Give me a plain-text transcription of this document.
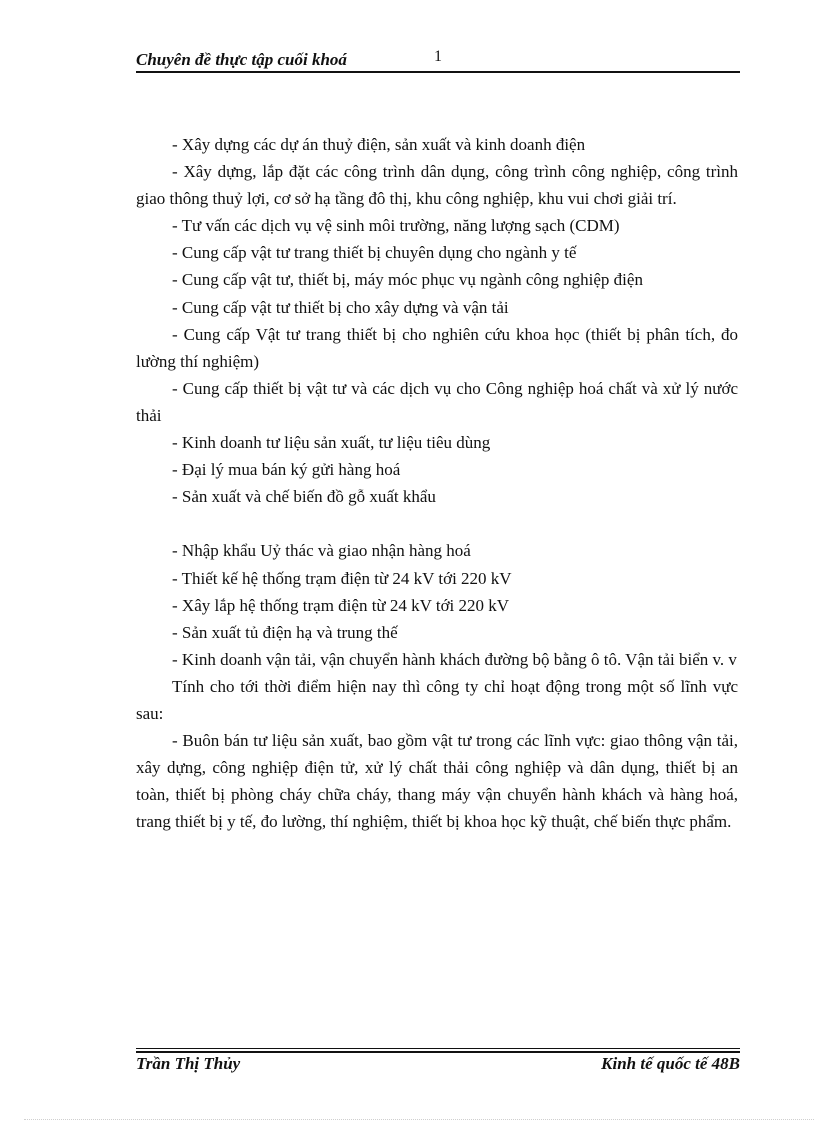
Chuyên đề thực tập cuối khoá	1

- Xây dựng các dự án thuỷ điện, sản xuất và kinh doanh điện

- Xây dựng, lắp đặt các công trình dân dụng, công trình công nghiệp, công trình giao thông thuỷ lợi, cơ sở hạ tầng đô thị, khu công nghiệp, khu vui chơi giải trí.

- Tư vấn các dịch vụ vệ sinh môi trường, năng lượng sạch (CDM)

- Cung cấp vật tư trang thiết bị chuyên dụng cho ngành y tế

- Cung cấp vật tư, thiết bị, máy móc phục vụ ngành công nghiệp điện

- Cung cấp vật tư thiết bị cho xây dựng và vận tải

- Cung cấp Vật tư trang thiết bị cho nghiên cứu khoa học (thiết bị phân tích, đo lường thí nghiệm)

- Cung cấp thiết bị vật tư và các dịch vụ cho Công nghiệp hoá chất và xử lý nước thải

- Kinh doanh tư liệu sản xuất, tư liệu tiêu dùng

- Đại lý mua bán ký gửi hàng hoá

- Sản xuất và chế biến đồ gỗ xuất khẩu

- Nhập khẩu Uỷ thác và giao nhận hàng hoá

- Thiết kế hệ thống trạm điện từ 24 kV tới 220 kV

- Xây lắp hệ thống trạm điện từ 24 kV tới 220 kV

- Sản xuất tủ điện hạ và trung thế

- Kinh doanh vận tải, vận chuyển hành khách đường bộ bằng ô tô. Vận tải biển v. v

Tính cho tới thời điểm hiện nay thì công ty chỉ hoạt động trong một số lĩnh vực sau:

- Buôn bán tư liệu sản xuất, bao gồm vật tư trong các lĩnh vực: giao thông vận tải, xây dựng, công nghiệp điện tử, xử lý chất thải công nghiệp và dân dụng, thiết bị an toàn, thiết bị phòng cháy chữa cháy, thang máy vận chuyển hành khách và hàng hoá, trang thiết bị y tế, đo lường, thí nghiệm, thiết bị khoa học kỹ thuật, chế biến thực phẩm.

Trần Thị Thủy	Kinh tế quốc tế 48B
